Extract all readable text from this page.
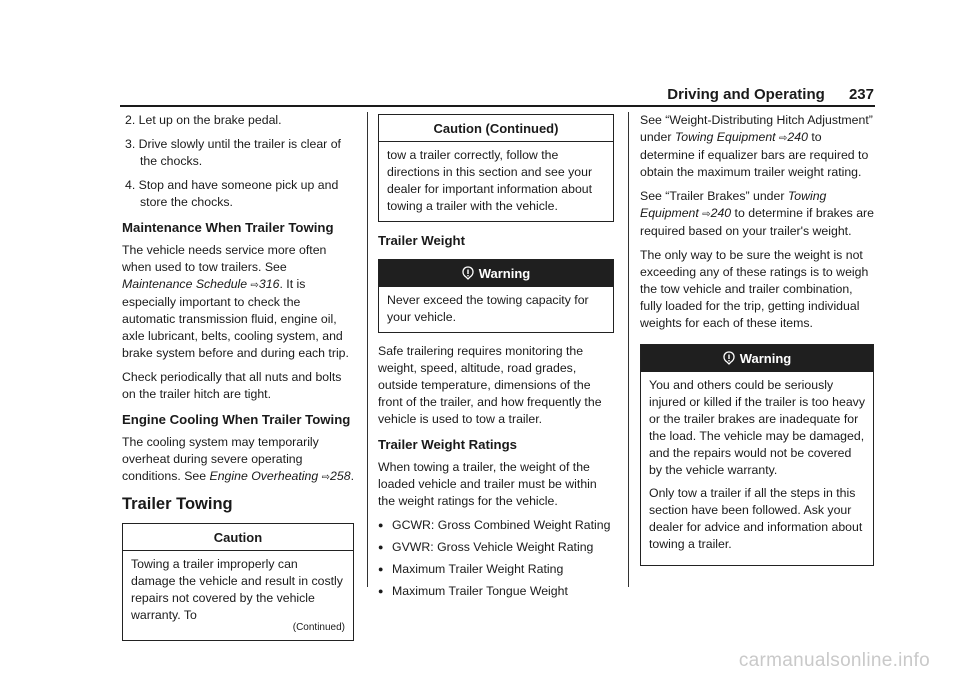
Driving and Operating 237
2. Let up on the brake pedal.
3. Drive slowly until the trailer is clear of the chocks.
4. Stop and have someone pick up and store the chocks.
Maintenance When Trailer Towing

The vehicle needs service more often when used to tow trailers. See Maintenance Schedule ⇨316. It is especially important to check the automatic transmission fluid, engine oil, axle lubricant, belts, cooling system, and brake system before and during each trip.

Check periodically that all nuts and bolts on the trailer hitch are tight.

Engine Cooling When Trailer Towing

The cooling system may temporarily overheat during severe operating conditions. See Engine Overheating ⇨258.

Trailer Towing
Caution
Towing a trailer improperly can damage the vehicle and result in costly repairs not covered by the vehicle warranty. To
(Continued)
Caution (Continued)
tow a trailer correctly, follow the directions in this section and see your dealer for important information about towing a trailer with the vehicle.
Trailer Weight
Warning
Never exceed the towing capacity for your vehicle.

Safe trailering requires monitoring the weight, speed, altitude, road grades, outside temperature, dimensions of the front of the trailer, and how frequently the vehicle is used to tow a trailer.

Trailer Weight Ratings

When towing a trailer, the weight of the loaded vehicle and trailer must be within the weight ratings for the vehicle.

● GCWR: Gross Combined Weight Rating
● GVWR: Gross Vehicle Weight Rating
● Maximum Trailer Weight Rating
● Maximum Trailer Tongue Weight

See “Weight-Distributing Hitch Adjustment” under Towing Equipment ⇨240 to determine if equalizer bars are required to obtain the maximum trailer weight rating.

See “Trailer Brakes” under Towing Equipment ⇨240 to determine if brakes are required based on your trailer's weight.

The only way to be sure the weight is not exceeding any of these ratings is to weigh the tow vehicle and trailer combination, fully loaded for the trip, getting individual weights for each of these items.

Warning

You and others could be seriously injured or killed if the trailer is too heavy or the trailer brakes are inadequate for the load. The vehicle may be damaged, and the repairs would not be covered by the vehicle warranty.

Only tow a trailer if all the steps in this section have been followed. Ask your dealer for advice and information about towing a trailer.

carmanualsonline.info
